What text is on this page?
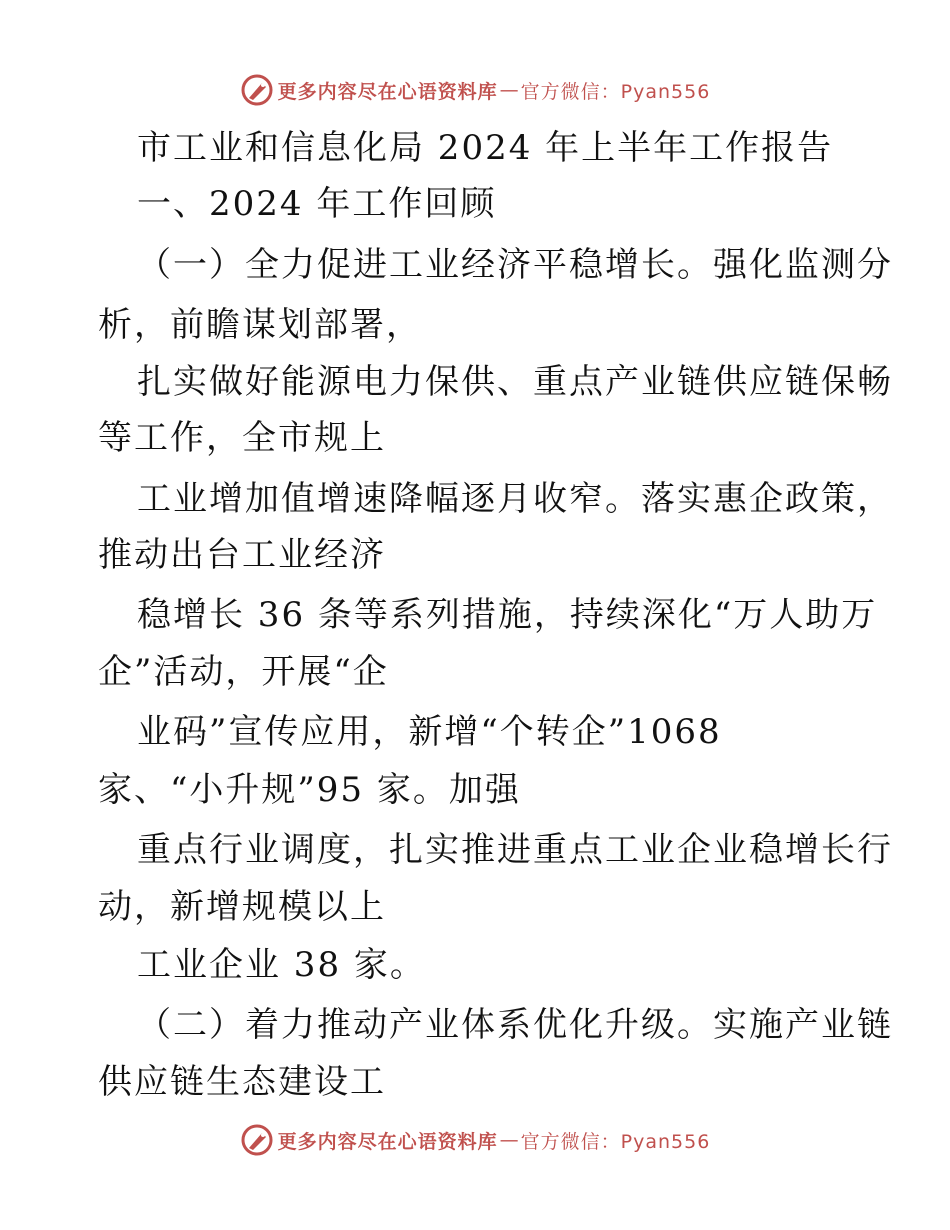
更多内容尽在心语资料库 — 官方微信：Pyan556
市工业和信息化局 2024 年上半年工作报告
一、2024 年工作回顾
（一）全力促进工业经济平稳增长。强化监测分
析，前瞻谋划部署，
扎实做好能源电力保供、重点产业链供应链保畅
等工作，全市规上
工业增加值增速降幅逐月收窄。落实惠企政策，
推动出台工业经济
稳增长 36 条等系列措施，持续深化“万人助万
企”活动，开展“企
业码”宣传应用，新增“个转企”1068
家、“小升规”95 家。加强
重点行业调度，扎实推进重点工业企业稳增长行
动，新增规模以上
工业企业 38 家。
（二）着力推动产业体系优化升级。实施产业链
供应链生态建设工
更多内容尽在心语资料库 — 官方微信：Pyan556
